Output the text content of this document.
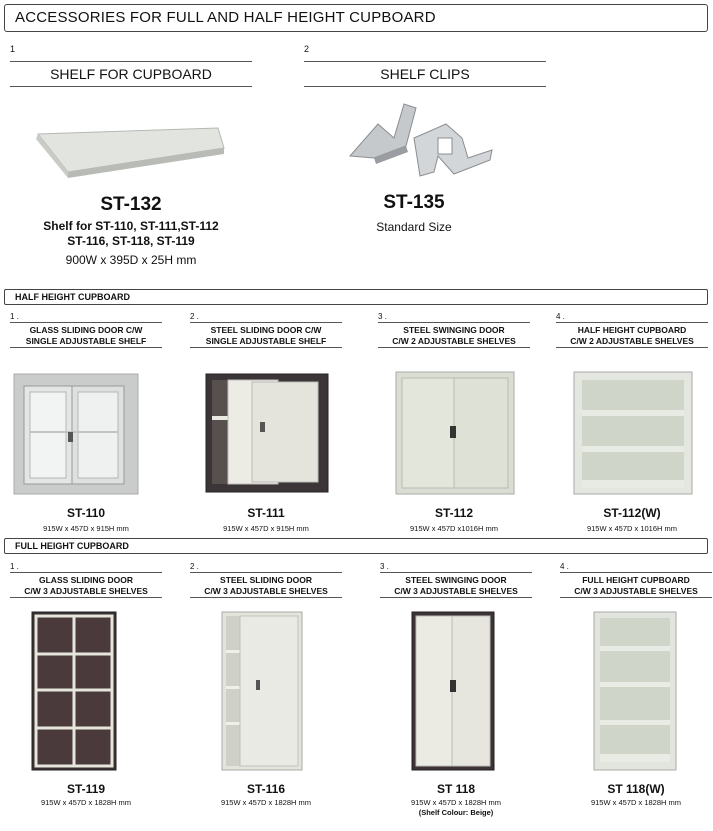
ACCESSORIES FOR FULL AND HALF HEIGHT CUPBOARD
1 .
SHELF FOR CUPBOARD
ST-132
Shelf for ST-110, ST-111,ST-112
ST-116, ST-118, ST-119
900W x 395D x 25H mm
2 .
SHELF CLIPS
ST-135
Standard Size
HALF HEIGHT CUPBOARD
1 .
GLASS SLIDING DOOR C/W
SINGLE ADJUSTABLE SHELF
ST-110
915W x 457D x 915H mm
2 .
STEEL SLIDING DOOR C/W
SINGLE ADJUSTABLE SHELF
ST-111
915W x 457D x 915H mm
3 .
STEEL SWINGING DOOR
C/W 2 ADJUSTABLE SHELVES
ST-112
915W x 457D x1016H mm
4 .
HALF HEIGHT CUPBOARD
C/W 2 ADJUSTABLE SHELVES
ST-112(W)
915W x 457D x 1016H mm
FULL HEIGHT CUPBOARD
1 .
GLASS SLIDING DOOR
C/W 3 ADJUSTABLE SHELVES
ST-119
915W x 457D x 1828H mm
2 .
STEEL SLIDING DOOR
C/W 3 ADJUSTABLE SHELVES
ST-116
915W x 457D x 1828H mm
3 .
STEEL SWINGING DOOR
C/W 3 ADJUSTABLE SHELVES
ST 118
915W x 457D x 1828H mm
(Shelf Colour: Beige)
4 .
FULL HEIGHT CUPBOARD
C/W 3 ADJUSTABLE SHELVES
ST 118(W)
915W x 457D x 1828H mm
